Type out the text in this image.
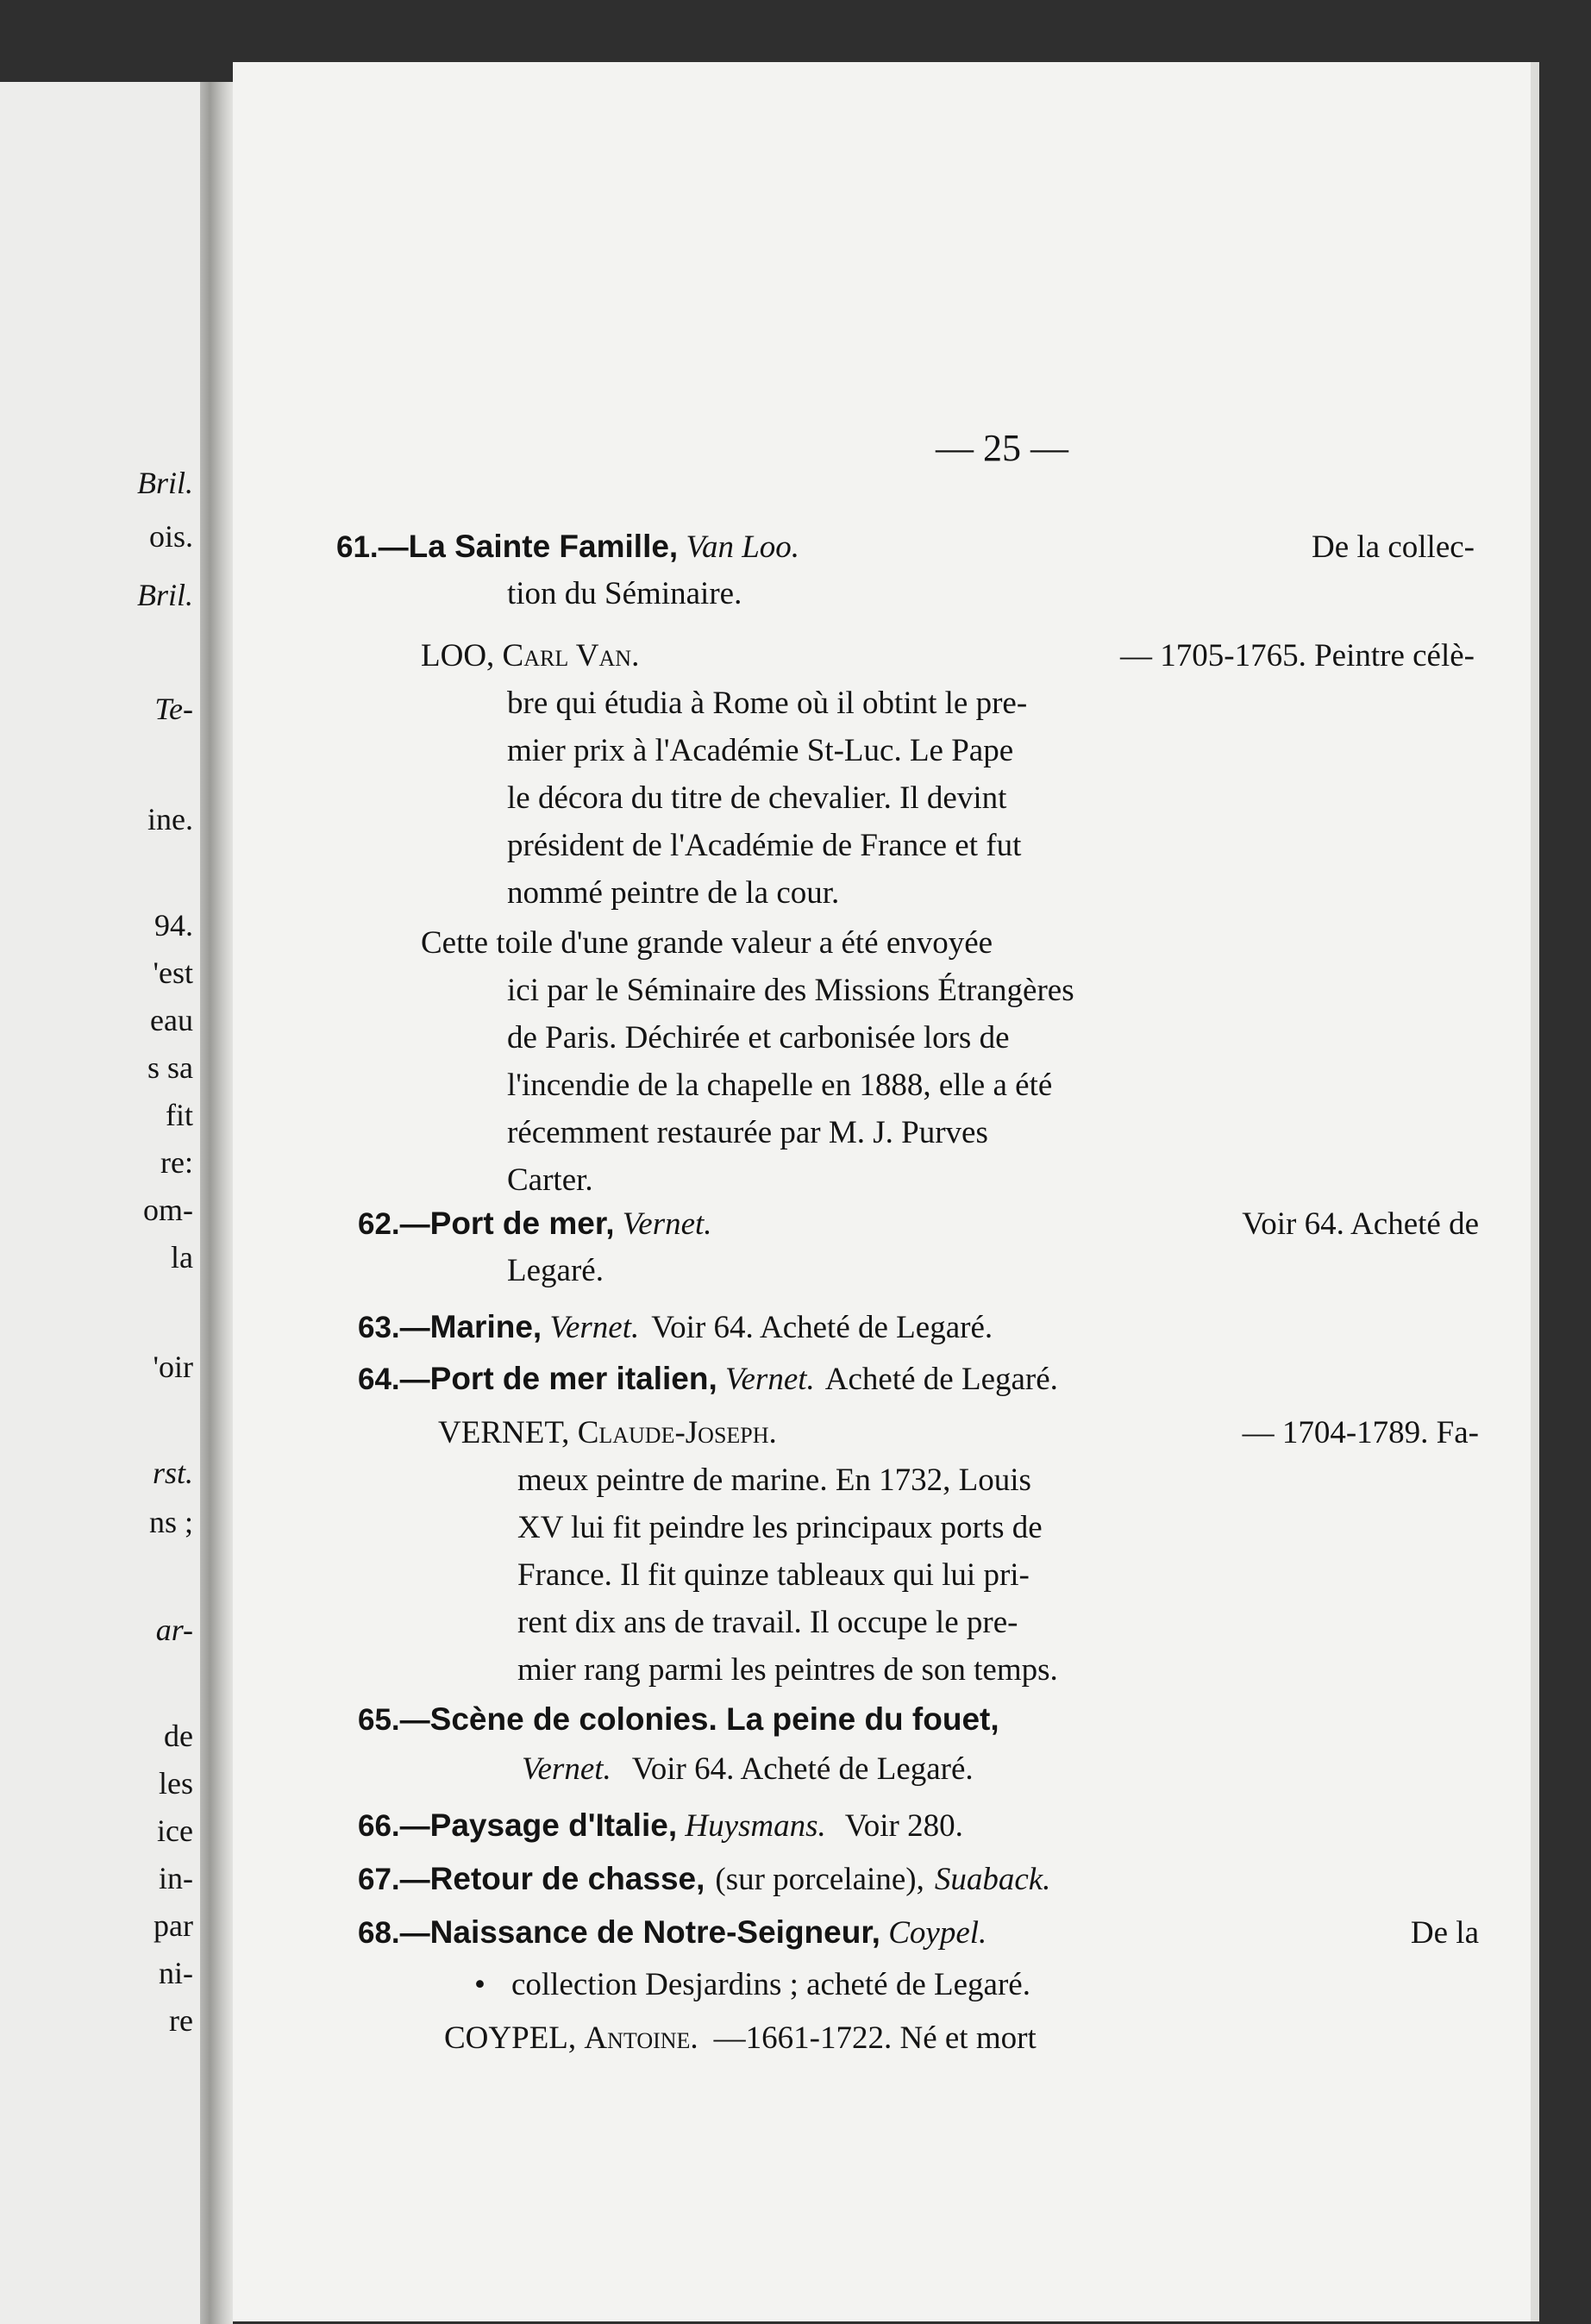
Bril.
ois.
Bril.
Te-
ine.
94.
'est
eau
s sa
fit
re:
om-
la
'oir
rst.
ns ;
ar-
de
les
ice
in-
par
ni-
re
— 25 —
61.—La Sainte Famille, Van Loo.	De la collec-
tion du Séminaire.
LOO, Carl Van.	— 1705-1765. Peintre célè-
bre qui étudia à Rome où il obtint le pre-
mier prix à l'Académie St-Luc. Le Pape
le décora du titre de chevalier. Il devint
président de l'Académie de France et fut
nommé peintre de la cour.
Cette toile d'une grande valeur a été envoyée
ici par le Séminaire des Missions Étrangères
de Paris. Déchirée et carbonisée lors de
l'incendie de la chapelle en 1888, elle a été
récemment restaurée par M. J. Purves
Carter.
62.—Port de mer, Vernet.	Voir 64. Acheté de
Legaré.
63.—Marine, Vernet. Voir 64. Acheté de Legaré.
64.—Port de mer italien, Vernet. Acheté de Legaré.
VERNET, Claude-Joseph.	— 1704-1789. Fa-
meux peintre de marine. En 1732, Louis
XV lui fit peindre les principaux ports de
France. Il fit quinze tableaux qui lui pri-
rent dix ans de travail. Il occupe le pre-
mier rang parmi les peintres de son temps.
65.— Scène de colonies. La peine du fouet,
Vernet. Voir 64. Acheté de Legaré.
66.—Paysage d'Italie, Huysmans. Voir 280.
67.—Retour de chasse, (sur porcelaine), Suaback.
68.—Naissance de Notre-Seigneur, Coypel.	De la
• collection Desjardins ; acheté de Legaré.
COYPEL, Antoine. —1661-1722. Né et mort
